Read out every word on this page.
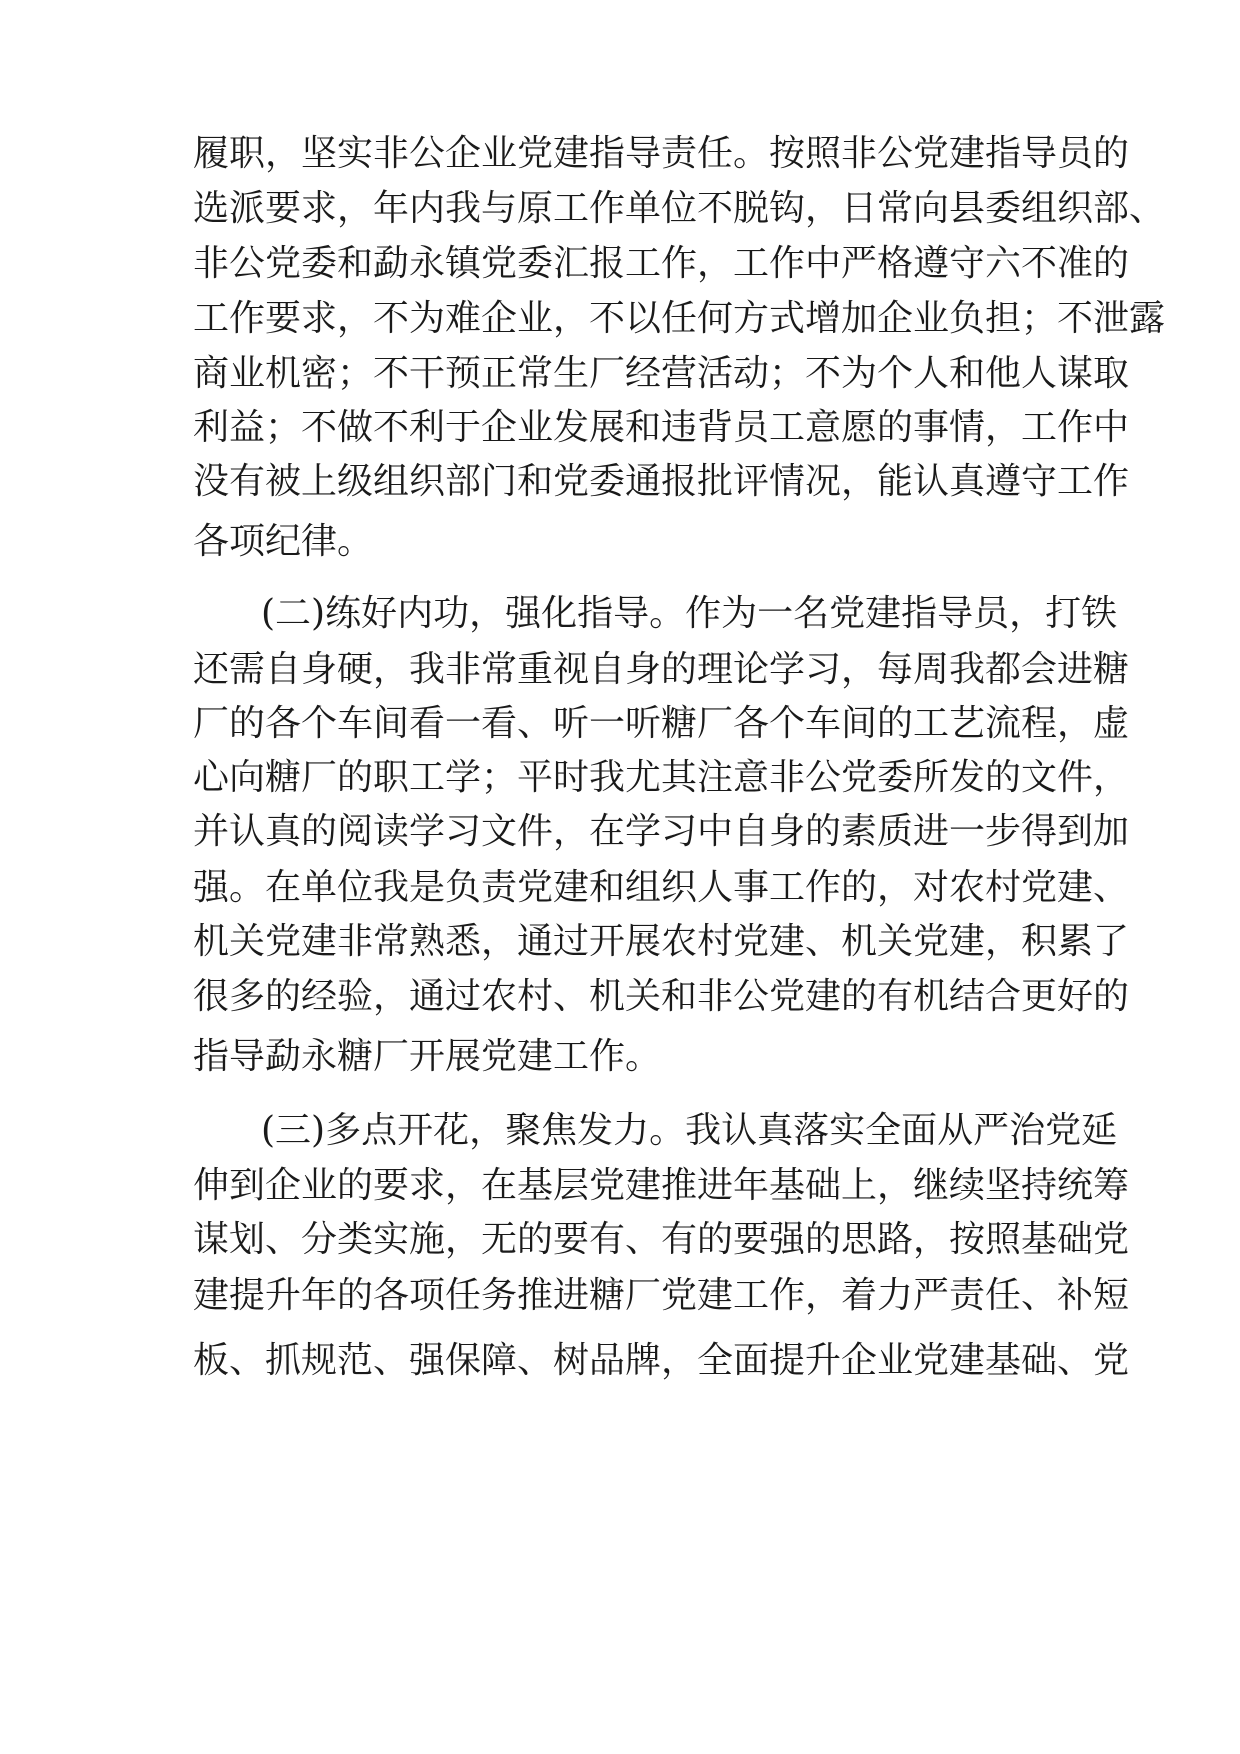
履职，坚实非公企业党建指导责任。按照非公党建指导员的
选派要求，年内我与原工作单位不脱钩，日常向县委组织部、
非公党委和勐永镇党委汇报工作，工作中严格遵守六不准的
工作要求，不为难企业，不以任何方式增加企业负担；不泄露
商业机密；不干预正常生厂经营活动；不为个人和他人谋取
利益；不做不利于企业发展和违背员工意愿的事情，工作中
没有被上级组织部门和党委通报批评情况，能认真遵守工作
各项纪律。
(二)练好内功，强化指导。作为一名党建指导员，打铁
还需自身硬，我非常重视自身的理论学习，每周我都会进糖
厂的各个车间看一看、听一听糖厂各个车间的工艺流程，虚
心向糖厂的职工学；平时我尤其注意非公党委所发的文件，
并认真的阅读学习文件，在学习中自身的素质进一步得到加
强。在单位我是负责党建和组织人事工作的，对农村党建、
机关党建非常熟悉，通过开展农村党建、机关党建，积累了
很多的经验，通过农村、机关和非公党建的有机结合更好的
指导勐永糖厂开展党建工作。
(三)多点开花，聚焦发力。我认真落实全面从严治党延
伸到企业的要求，在基层党建推进年基础上，继续坚持统筹
谋划、分类实施，无的要有、有的要强的思路，按照基础党
建提升年的各项任务推进糖厂党建工作，着力严责任、补短
板、抓规范、强保障、树品牌，全面提升企业党建基础、党
